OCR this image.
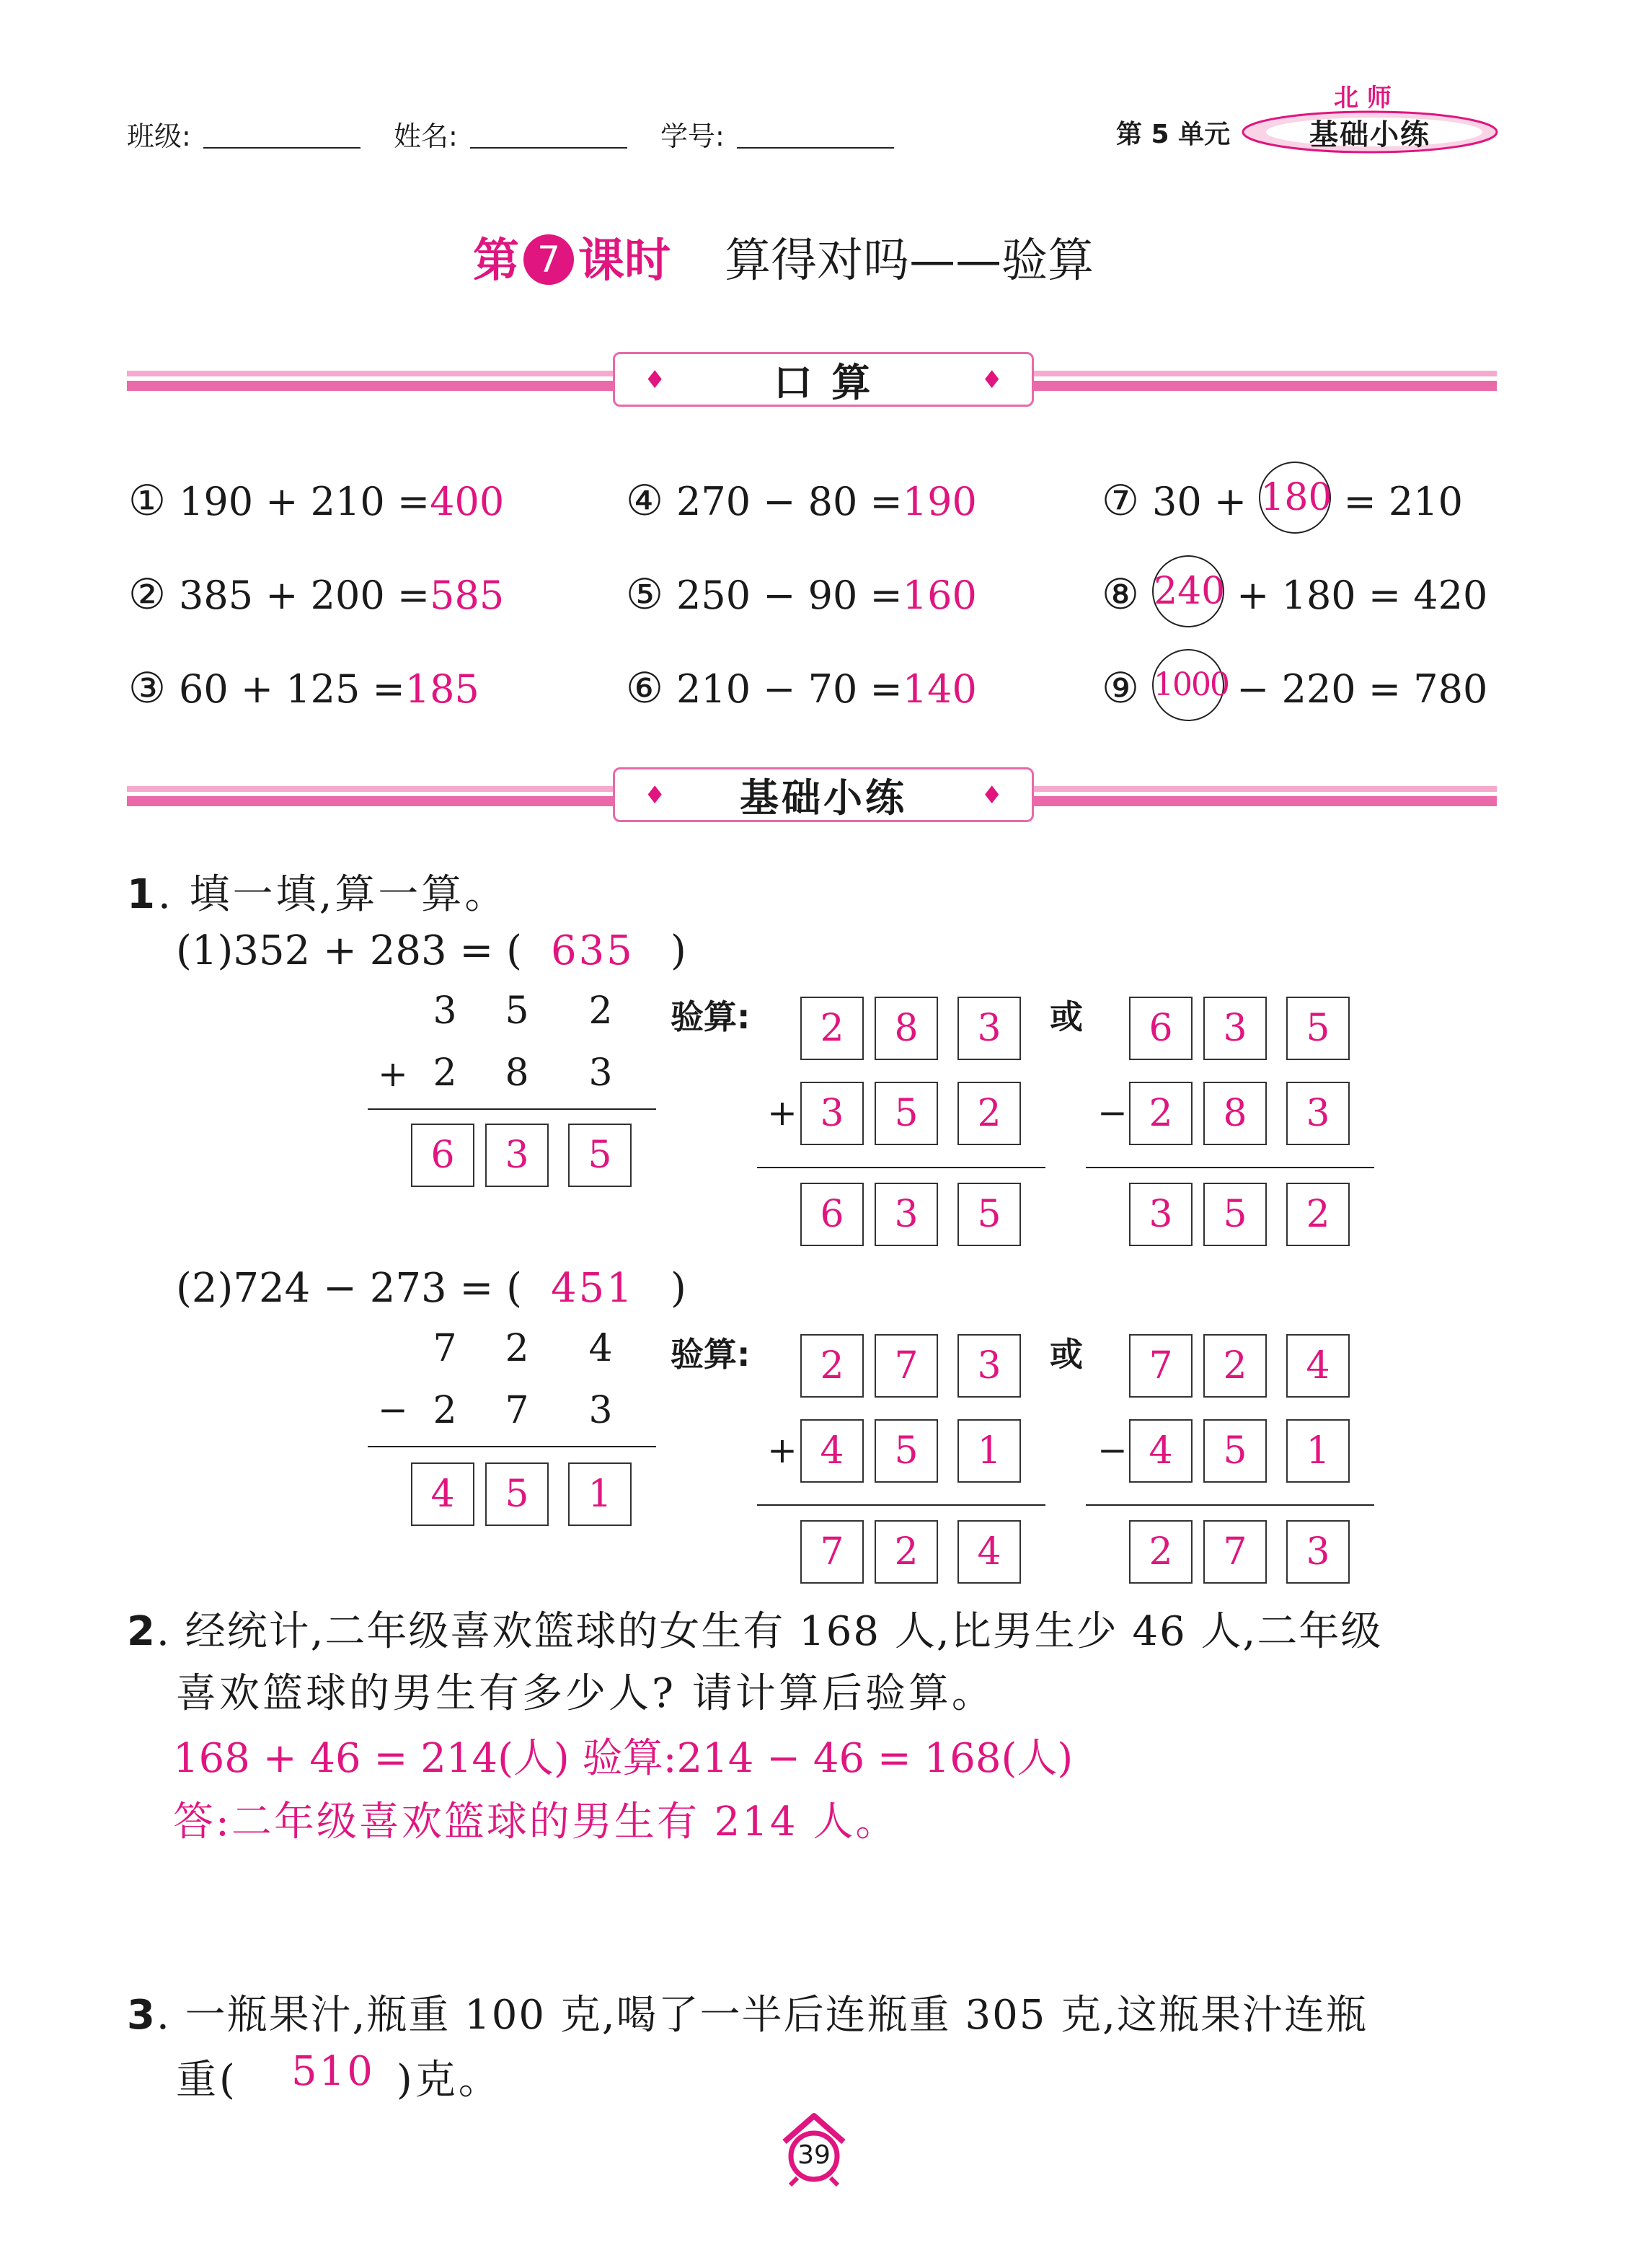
班级:	姓名:	学号:	第 5 单元	基础小练
北 师
第 7 课时 算得对吗——验算
♦	口 算	♦
① 190 + 210 =400
② 385 + 200 =585
③ 60 + 125 =185
④ 270 − 80 =190
⑤ 250 − 90 =160
⑥ 210 − 70 =140
⑦ 30 + 180 = 210
⑧ 240 + 180 = 420
⑨ 1000 − 220 = 780
♦ 基础小练	♦
1. 填一填,算一算。
(1)352 + 283 = ( 635 )
3 5 2
+ 2 8 3
6	3	5
验算:	2	8	3
+ 3	5	2
6	3	5
或	6	3	5
− 2	8	3
3	5	2
(2)724 − 273 = ( 451 )
7 2 4
− 2 7 3
4	5	1
验算:	2	7	3
+ 4	5	1
7	2	4
或	7	2	4
− 4	5	1
2	7	3
2. 经统计,二年级喜欢篮球的女生有 168 人,比男生少 46 人,二年级
喜欢篮球的男生有多少人? 请计算后验算。
168 + 46 = 214(人) 验算:214 − 46 = 168(人)
答:二年级喜欢篮球的男生有 214 人。
3. 一瓶果汁,瓶重 100 克,喝了一半后连瓶重 305 克,这瓶果汁连瓶
重(	)克。
510
39
